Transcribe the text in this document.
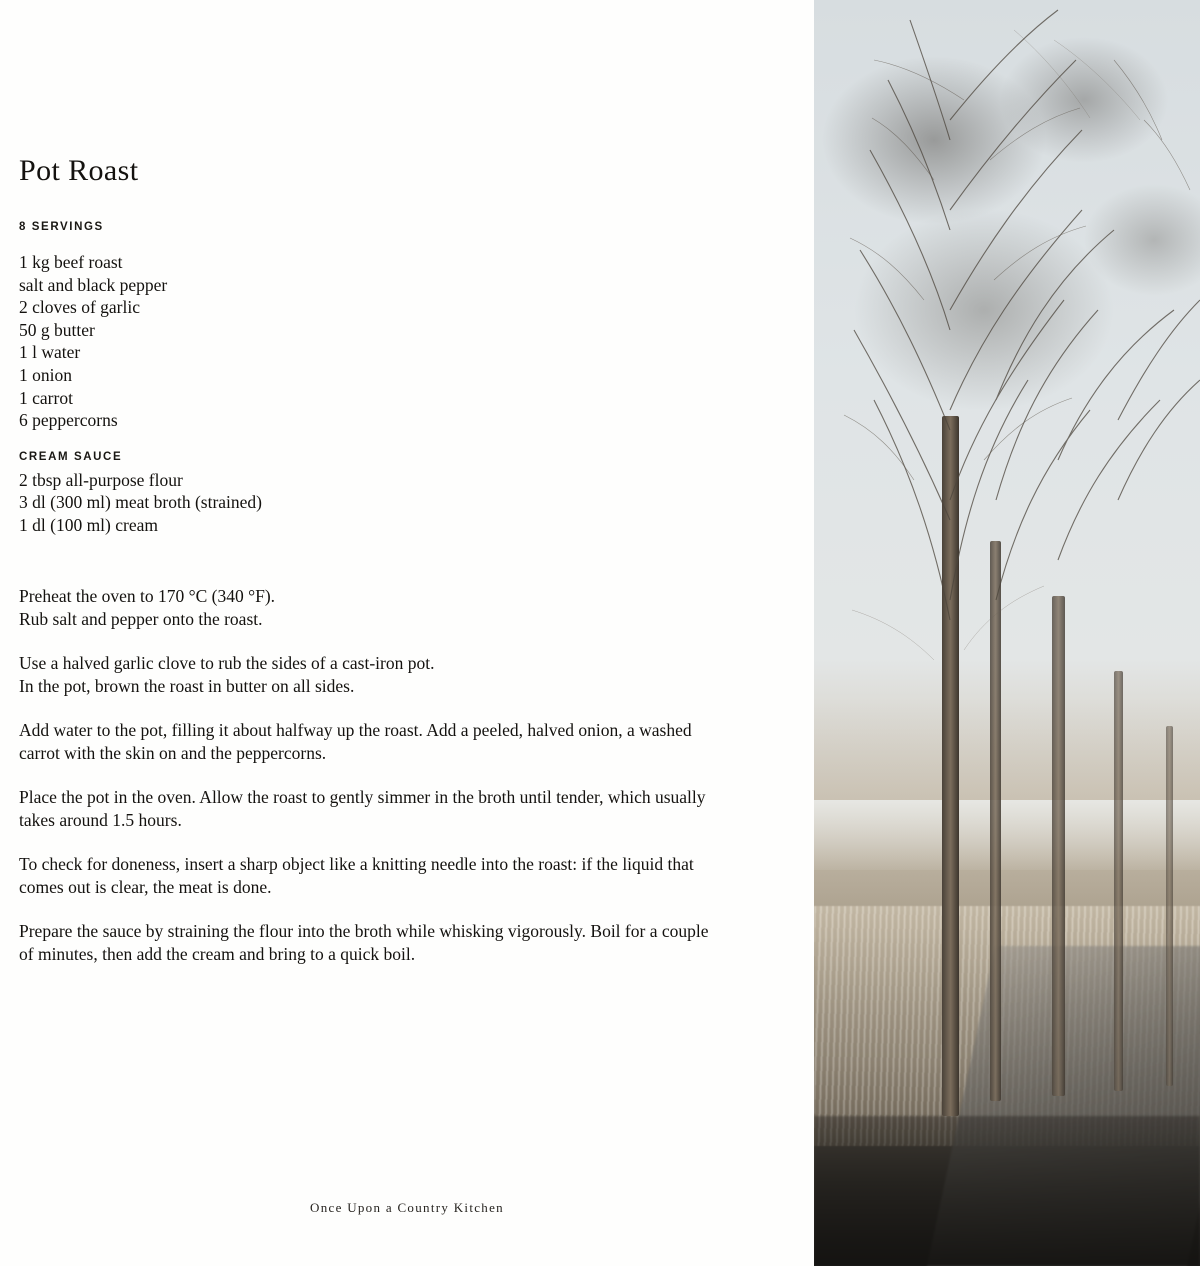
Pot Roast
8 SERVINGS
1 kg beef roast
salt and black pepper
2 cloves of garlic
50 g butter
1 l water
1 onion
1 carrot
6 peppercorns
CREAM SAUCE
2 tbsp all-purpose flour
3 dl (300 ml) meat broth (strained)
1 dl (100 ml) cream

Preheat the oven to 170 °C (340 °F).
Rub salt and pepper onto the roast.

Use a halved garlic clove to rub the sides of a cast-iron pot.
In the pot, brown the roast in butter on all sides.

Add water to the pot, filling it about halfway up the roast. Add a peeled, halved onion, a washed carrot with the skin on and the peppercorns.

Place the pot in the oven. Allow the roast to gently simmer in the broth until tender, which usually takes around 1.5 hours.

To check for doneness, insert a sharp object like a knitting needle into the roast: if the liquid that comes out is clear, the meat is done.

Prepare the sauce by straining the flour into the broth while whisking vigorously. Boil for a couple of minutes, then add the cream and bring to a quick boil.

Once Upon a Country Kitchen
